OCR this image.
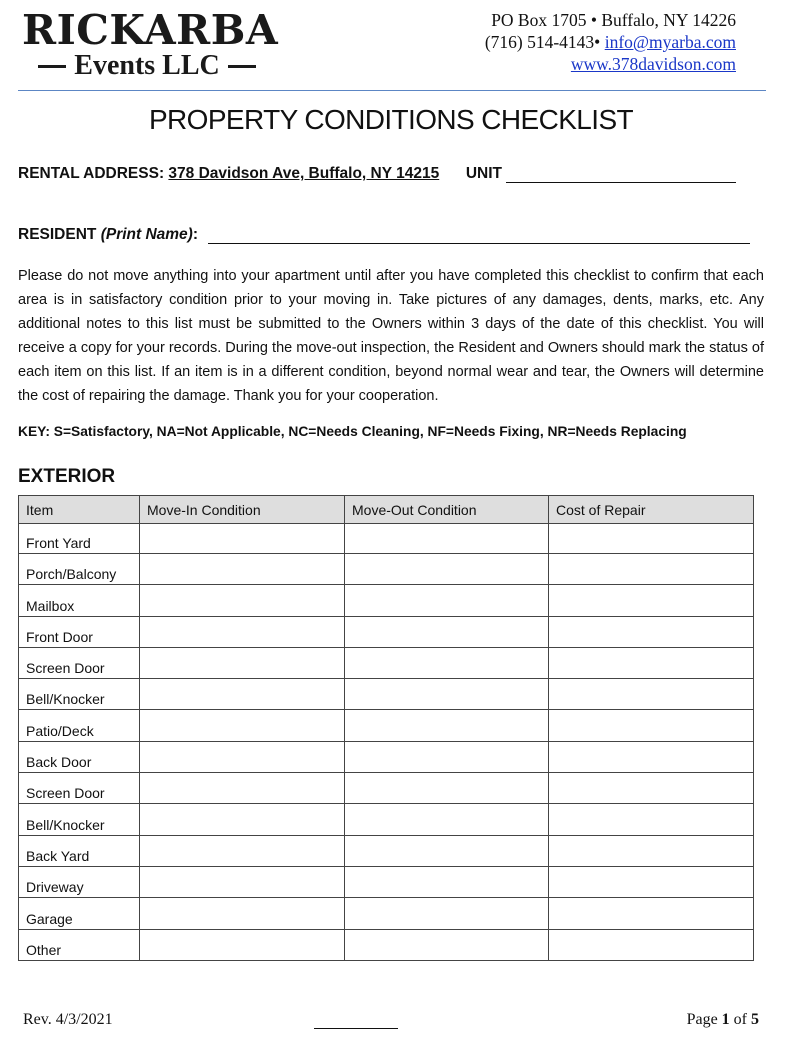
RICKARBA
Events LLC
PO Box 1705 • Buffalo, NY 14226
(716) 514-4143• info@myarba.com
www.378davidson.com
PROPERTY CONDITIONS CHECKLIST
RENTAL ADDRESS: 378 Davidson Ave, Buffalo, NY 14215 UNIT
RESIDENT (Print Name):

Please do not move anything into your apartment until after you have completed this checklist to confirm that each area is in satisfactory condition prior to your moving in. Take pictures of any damages, dents, marks, etc. Any additional notes to this list must be submitted to the Owners within 3 days of the date of this checklist. You will receive a copy for your records. During the move-out inspection, the Resident and Owners should mark the status of each item on this list. If an item is in a different condition, beyond normal wear and tear, the Owners will determine the cost of repairing the damage. Thank you for your cooperation.

KEY: S=Satisfactory, NA=Not Applicable, NC=Needs Cleaning, NF=Needs Fixing, NR=Needs Replacing
EXTERIOR
Item	Move-In Condition	Move-Out Condition	Cost of Repair
Front Yard			
Porch/Balcony			
Mailbox			
Front Door			
Screen Door			
Bell/Knocker			
Patio/Deck			
Back Door			
Screen Door			
Bell/Knocker			
Back Yard			
Driveway			
Garage			
Other			
Rev. 4/3/2021	Page 1 of 5
